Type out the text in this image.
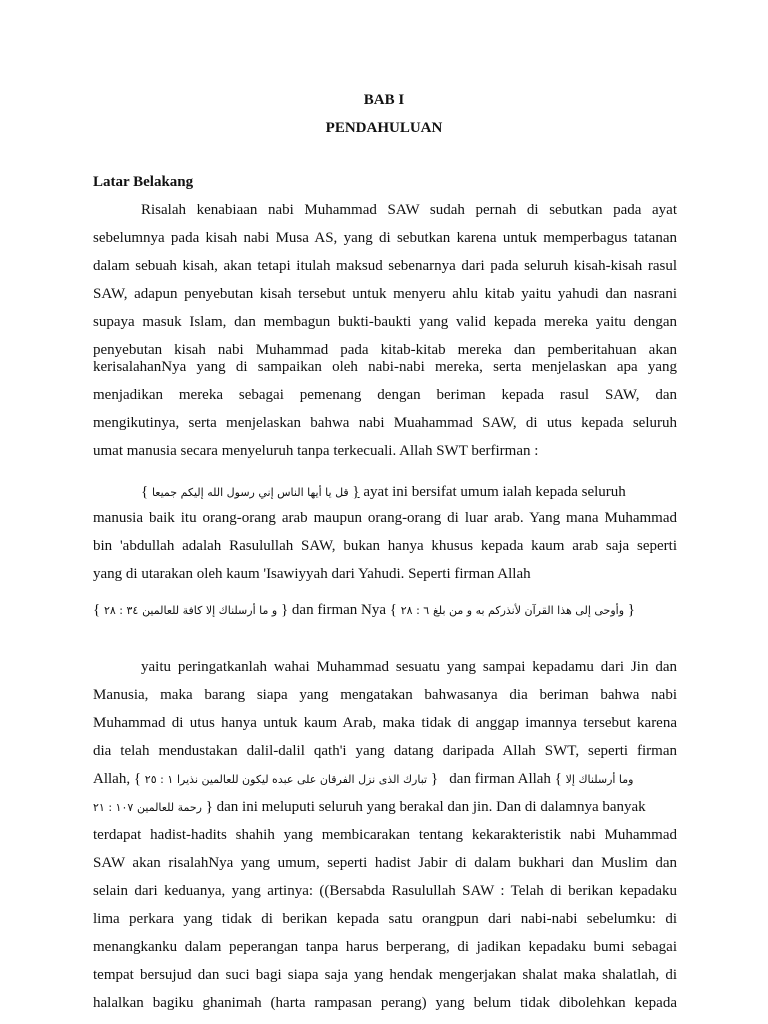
BAB I
PENDAHULUAN
Latar Belakang
Risalah kenabiaan nabi Muhammad SAW sudah pernah di sebutkan pada ayat
sebelumnya pada kisah nabi Musa AS, yang di sebutkan karena untuk memperbagus tatanan
dalam sebuah kisah, akan tetapi itulah maksud sebenarnya dari pada seluruh kisah-kisah rasul
SAW, adapun penyebutan kisah tersebut untuk menyeru ahlu kitab yaitu yahudi dan nasrani
supaya masuk Islam, dan membagun bukti-baukti yang valid kepada mereka yaitu dengan
penyebutan kisah nabi Muhammad pada kitab-kitab mereka dan pemberitahuan akan
kerisalahanNya yang di sampaikan oleh nabi-nabi mereka, serta menjelaskan apa yang
menjadikan mereka sebagai pemenang dengan beriman kepada rasul SAW, dan
mengikutinya, serta menjelaskan bahwa nabi Muahammad SAW, di utus kepada seluruh
umat manusia secara menyeluruh tanpa terkecuali. Allah SWT berfirman :
{ قل يا أيها الناس إني رسول الله إليكم جميعا } ayat ini bersifat umum ialah kepada seluruh
manusia baik itu orang-orang arab maupun orang-orang di luar arab. Yang mana Muhammad
bin 'abdullah adalah Rasulullah SAW, bukan hanya khusus kepada kaum arab saja seperti
yang di utarakan oleh kaum 'Isawiyyah dari Yahudi. Seperti firman Allah
{ ٣٤ : ٢٨ و ما أرسلناك إلا كافة للعالمين } dan firman Nya { ٦ : ٢٨ وأوحى إلى هذا القرآن لأنذركم به و من بلغ }
yaitu peringatkanlah wahai Muhammad sesuatu yang sampai kepadamu dari Jin dan
Manusia, maka barang siapa yang mengatakan bahwasanya dia beriman bahwa nabi
Muhammad di utus hanya untuk kaum Arab, maka tidak di anggap imannya tersebut karena
dia telah mendustakan dalil-dalil qath'i yang datang daripada Allah SWT, seperti firman
Allah, { ١ : ٢٥ تبارك الذى نزل الفرقان على عبده ليكون للعالمين نذيرا } dan firman Allah { وما أرسلناك إلا
١٠٧ : ٢١ رحمة للعالمين } dan ini meluputi seluruh yang berakal dan jin. Dan di dalamnya banyak
terdapat hadist-hadits shahih yang membicarakan tentang kekarakteristik nabi Muhammad
SAW akan risalahNya yang umum, seperti hadist Jabir di dalam bukhari dan Muslim dan
selain dari keduanya, yang artinya: ((Bersabda Rasulullah SAW : Telah di berikan kepadaku
lima perkara yang tidak di berikan kepada satu orangpun dari nabi-nabi sebelumku: di
menangkanku dalam peperangan tanpa harus berperang, di jadikan kepadaku bumi sebagai
tempat bersujud dan suci bagi siapa saja yang hendak mengerjakan shalat maka shalatlah, di
halalkan bagiku ghanimah (harta rampasan perang) yang belum tidak dibolehkan kepada
